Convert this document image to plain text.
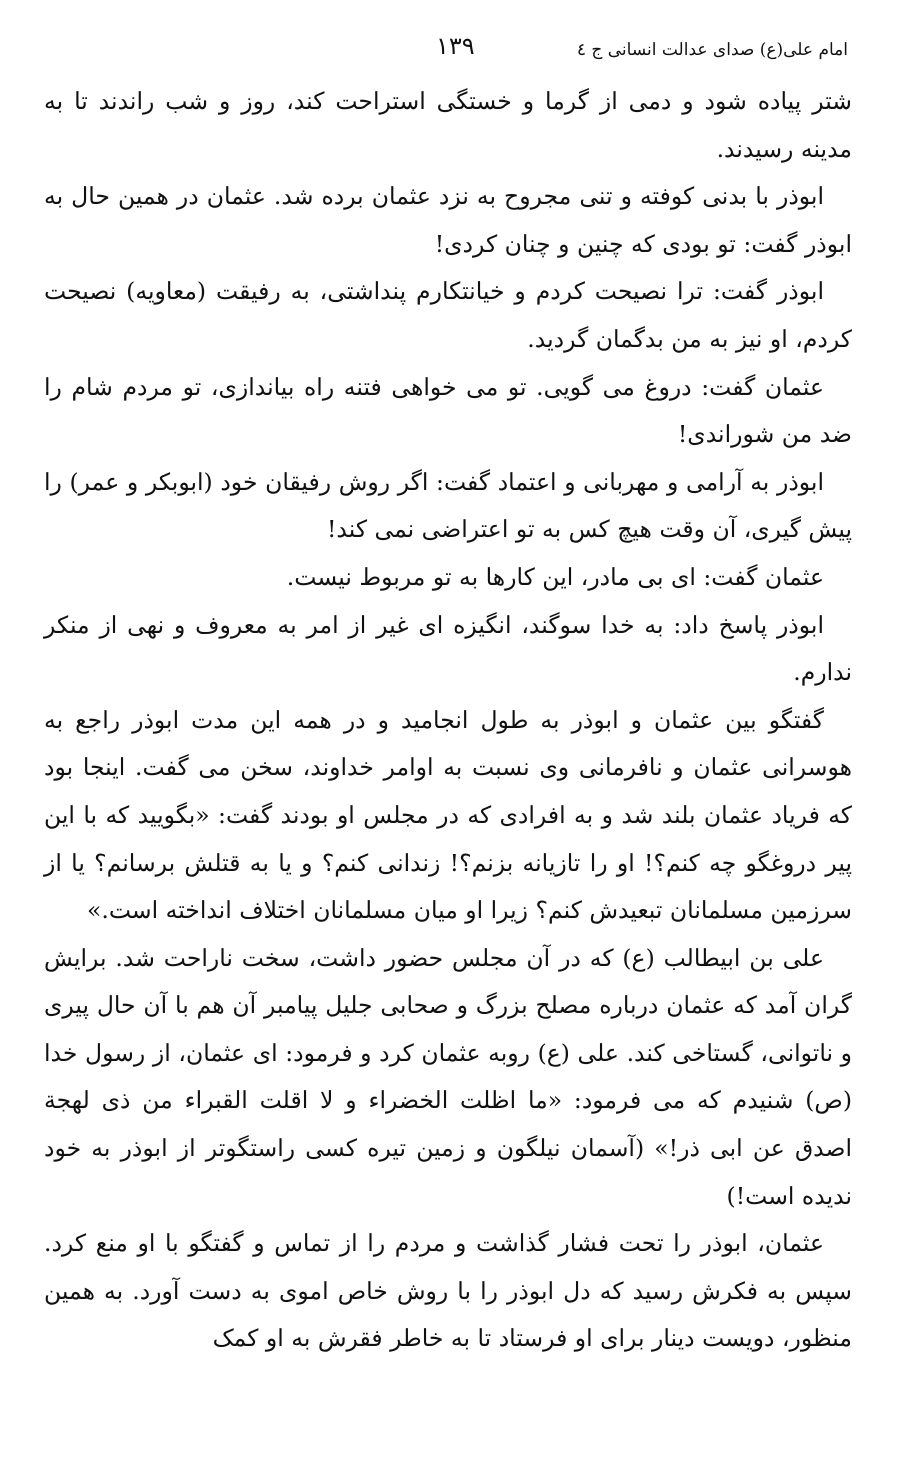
امام علی(ع) صدای عدالت انسانی ج ٤
١٣٩

شتر پیاده شود و دمی از گرما و خستگی استراحت کند، روز و شب راندند تا به مدینه رسیدند.

ابوذر با بدنی کوفته و تنی مجروح به نزد عثمان برده شد. عثمان در همین حال به ابوذر گفت: تو بودی که چنین و چنان کردی!

ابوذر گفت: ترا نصیحت کردم و خیانتکارم پنداشتی، به رفیقت (معاویه) نصیحت کردم، او نیز به من بدگمان گردید.

عثمان گفت: دروغ می گویی. تو می خواهی فتنه راه بیاندازی، تو مردم شام را ضد من شوراندی!

ابوذر به آرامی و مهربانی و اعتماد گفت: اگر روش رفیقان خود (ابوبکر و عمر) را پیش گیری، آن وقت هیچ کس به تو اعتراضی نمی کند!

عثمان گفت: ای بی مادر، این کارها به تو مربوط نیست.

ابوذر پاسخ داد: به خدا سوگند، انگیزه ای غیر از امر به معروف و نهی از منکر ندارم.

گفتگو بین عثمان و ابوذر به طول انجامید و در همه این مدت ابوذر راجع به هوسرانی عثمان و نافرمانی وی نسبت به اوامر خداوند، سخن می گفت. اینجا بود که فریاد عثمان بلند شد و به افرادی که در مجلس او بودند گفت: «بگویید که با این پیر دروغگو چه کنم؟! او را تازیانه بزنم؟! زندانی کنم؟ و یا به قتلش برسانم؟ یا از سرزمین مسلمانان تبعیدش کنم؟ زیرا او میان مسلمانان اختلاف انداخته است.»

علی بن ابیطالب (ع) که در آن مجلس حضور داشت، سخت ناراحت شد. برایش گران آمد که عثمان درباره مصلح بزرگ و صحابی جلیل پیامبر آن هم با آن حال پیری و ناتوانی، گستاخی کند. علی (ع) روبه عثمان کرد و فرمود: ای عثمان، از رسول خدا (ص) شنیدم که می فرمود: «ما اظلت الخضراء و لا اقلت القبراء من ذی لهجة اصدق عن ابی ذر!» (آسمان نیلگون و زمین تیره کسی راستگوتر از ابوذر به خود ندیده است!)

عثمان، ابوذر را تحت فشار گذاشت و مردم را از تماس و گفتگو با او منع کرد. سپس به فکرش رسید که دل ابوذر را با روش خاص اموی به دست آورد. به همین منظور، دویست دینار برای او فرستاد تا به خاطر فقرش به او کمک
